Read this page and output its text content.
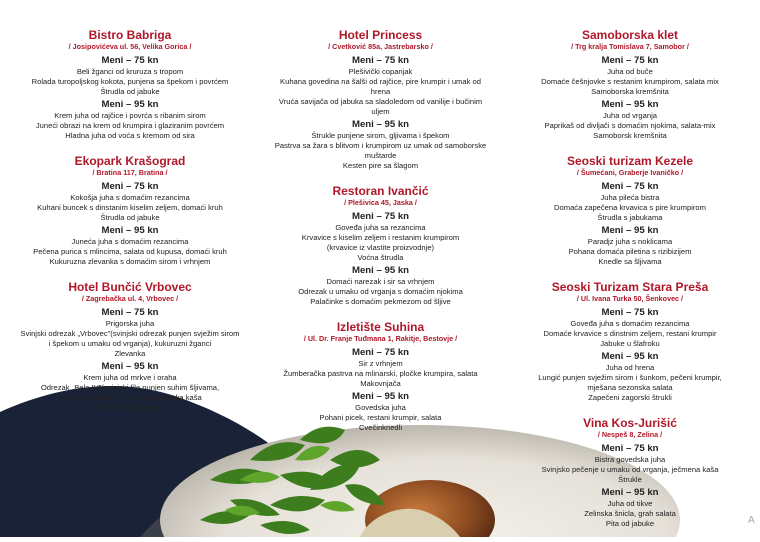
A
Bistro Babriga
/ Josipovićeva ul. 56, Velika Gorica /
Meni – 75 kn
Beli žganci od kruruza s tropom
Rolada turopoljskog kokota, punjena sa špekom i povrćem
Štrudla od jabuke
Meni – 95 kn
Krem juha od rajčice i povrća s ribanim sirom
Juneći obrazi na krem od krumpira i glaziranim povrćem
Hladna juha od voća s kremom od sira
Ekopark Krašograd
/ Bratina 117, Bratina /
Meni – 75 kn
Kokošja juha s domaćim rezancima
Kuhani buncek s dinstanim kiselim zeljem, domaći kruh
Štrudla od jabuke
Meni – 95 kn
Juneća juha s domaćim rezancima
Pečena purica s mlincima, salata od kupusa, domaći kruh
Kukuruzna zlevanka s domaćim sirom i vrhnjem
Hotel Bunčić Vrbovec
/ Zagrebačka ul. 4, Vrbovec /
Meni – 75 kn
Prigorska juha
Svinjski odrezak „Vrbovec"(svinjski odrezak punjen svježim sirom
i špekom u umaku od vrganja), kukuruzni žganci
Zlevanka
Meni – 95 kn
Krem juha od mrkve i oraha
Odrezak „Bela IV"(svinjski file punjen suhim šljivama,
domaćom šunkom i sirom), hajdinska kaša
Knedle sa šljivama
Hotel Princess
/ Cvetković 85a, Jastrebarsko /
Meni – 75 kn
Plešivički copanjak
Kuhana govedina na šalši od rajčice, pire krumpir i umak od
hrena
Vruća savijača od jabuka sa sladoledom od vanilije i bučinim
uljem
Meni – 95 kn
Štrukle punjene sirom, gljivama i špekom
Pastrva sa žara s blitvom i krumpirom uz umak od samoborske
muštarde
Kesten pire sa šlagom
Restoran Ivančić
/ Plešivica 45, Jaska /
Meni – 75 kn
Goveđa juha sa rezancima
Krvavice s kiselim zeljem i restanim krumpirom
(krvavice iz vlastite proizvodnje)
Voćna štrudla
Meni – 95 kn
Domaći narezak i sir sa vrhnjem
Odrezak u umaku od vrganja s domaćim njokima
Palačinke s domaćim pekmezom od šljive
Izletište Suhina
/ Ul. Dr. Franje Tuđmana 1, Rakitje, Bestovje /
Meni – 75 kn
Sir z vrhnjem
Žumberačka pastrva na mlinarski, pločke krumpira, salata
Makovnjača
Meni – 95 kn
Govedska juha
Pohani picek, restani krumpir, salata
Cvečinknedli
Samoborska klet
/ Trg kralja Tomislava 7, Samobor /
Meni – 75 kn
Juha od buče
Domaće češnjovke s restanim krumpirom, salata mix
Samoborska kremšnita
Meni – 95 kn
Juha od vrganja
Paprikaš od divljači s domaćim njokima, salata-mix
Samoborsk kremšnita
Seoski turizam Kezele
/ Šumećani, Graberje Ivaničko /
Meni – 75 kn
Juha pileća bistra
Domaća zapečena krvavica s pire krumpirom
Štrudla s jabukama
Meni – 95 kn
Paradjz juha s noklicama
Pohana domaća piletina s rizibizijem
Knedle sa šljivama
Seoski Turizam Stara Preša
/ Ul. Ivana Turka 50, Šenkovec /
Meni – 75 kn
Goveđa juha s domaćim rezancima
Domaće krvavice s dinstnim zeljem, restani krumpir
Jabuke u šlafroku
Meni – 95 kn
Juha od hrena
Lungić punjen svježim sirom i šunkom, pečeni krumpir,
mješana sezonska salata
Zapečeni zagorski štrukli
Vina Kos-Jurišić
/ Nespeš 8, Zelina /
Meni – 75 kn
Bistra govedska juha
Svinjsko pečenje u umaku od vrganja, ječmena kaša
Štrukle
Meni – 95 kn
Juha od tikve
Zelinska šnicla, grah salata
Pita od jabuke
